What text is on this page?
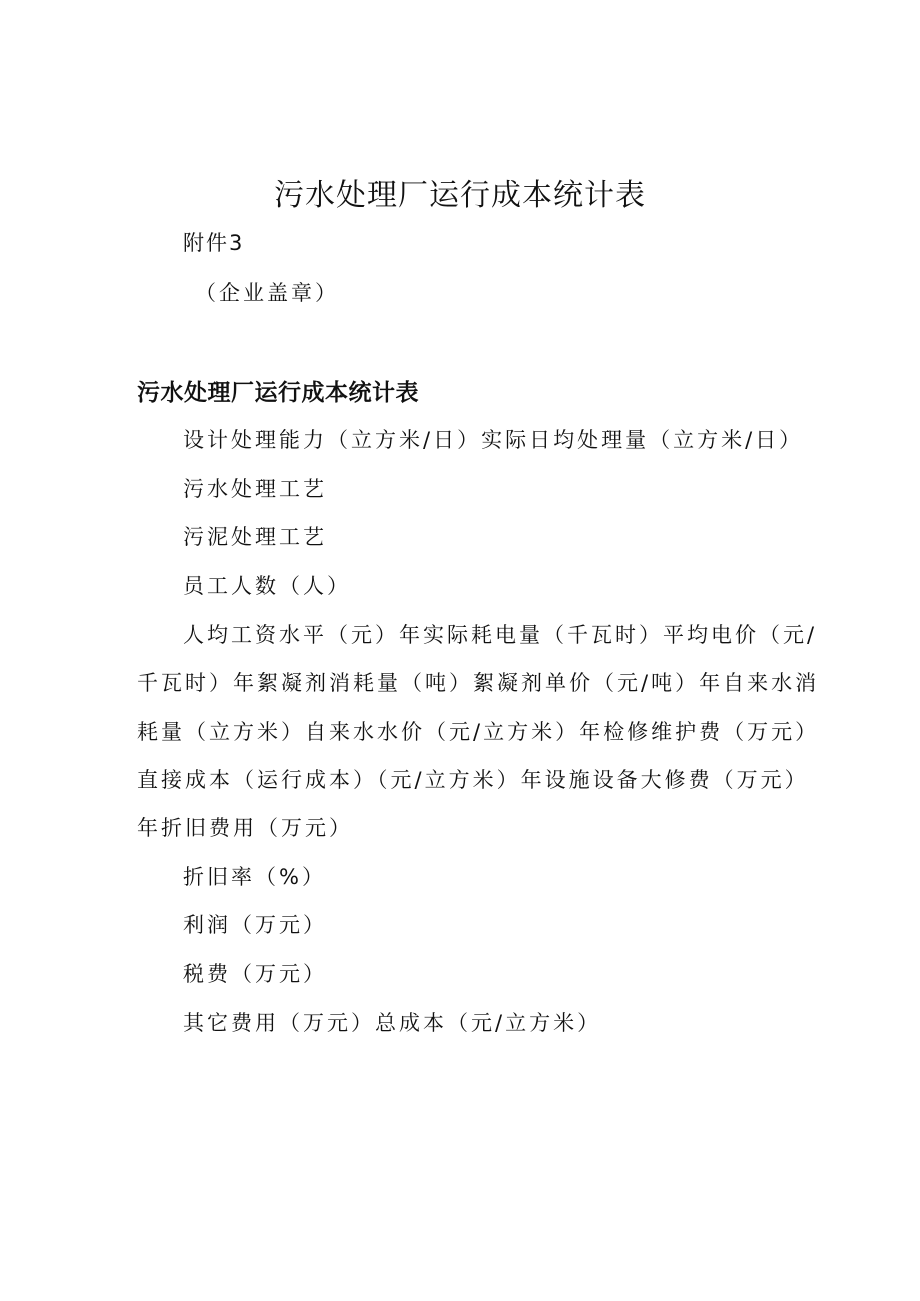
污水处理厂运行成本统计表
附件3
（企业盖章）
污水处理厂运行成本统计表
设计处理能力（立方米/日）实际日均处理量（立方米/日）
污水处理工艺
污泥处理工艺
员工人数（人）
人均工资水平（元）年实际耗电量（千瓦时）平均电价（元/
千瓦时）年絮凝剂消耗量（吨）絮凝剂单价（元/吨）年自来水消
耗量（立方米）自来水水价（元/立方米）年检修维护费（万元）
直接成本（运行成本）（元/立方米）年设施设备大修费（万元）
年折旧费用（万元）
折旧率（%）
利润（万元）
税费（万元）
其它费用（万元）总成本（元/立方米）
